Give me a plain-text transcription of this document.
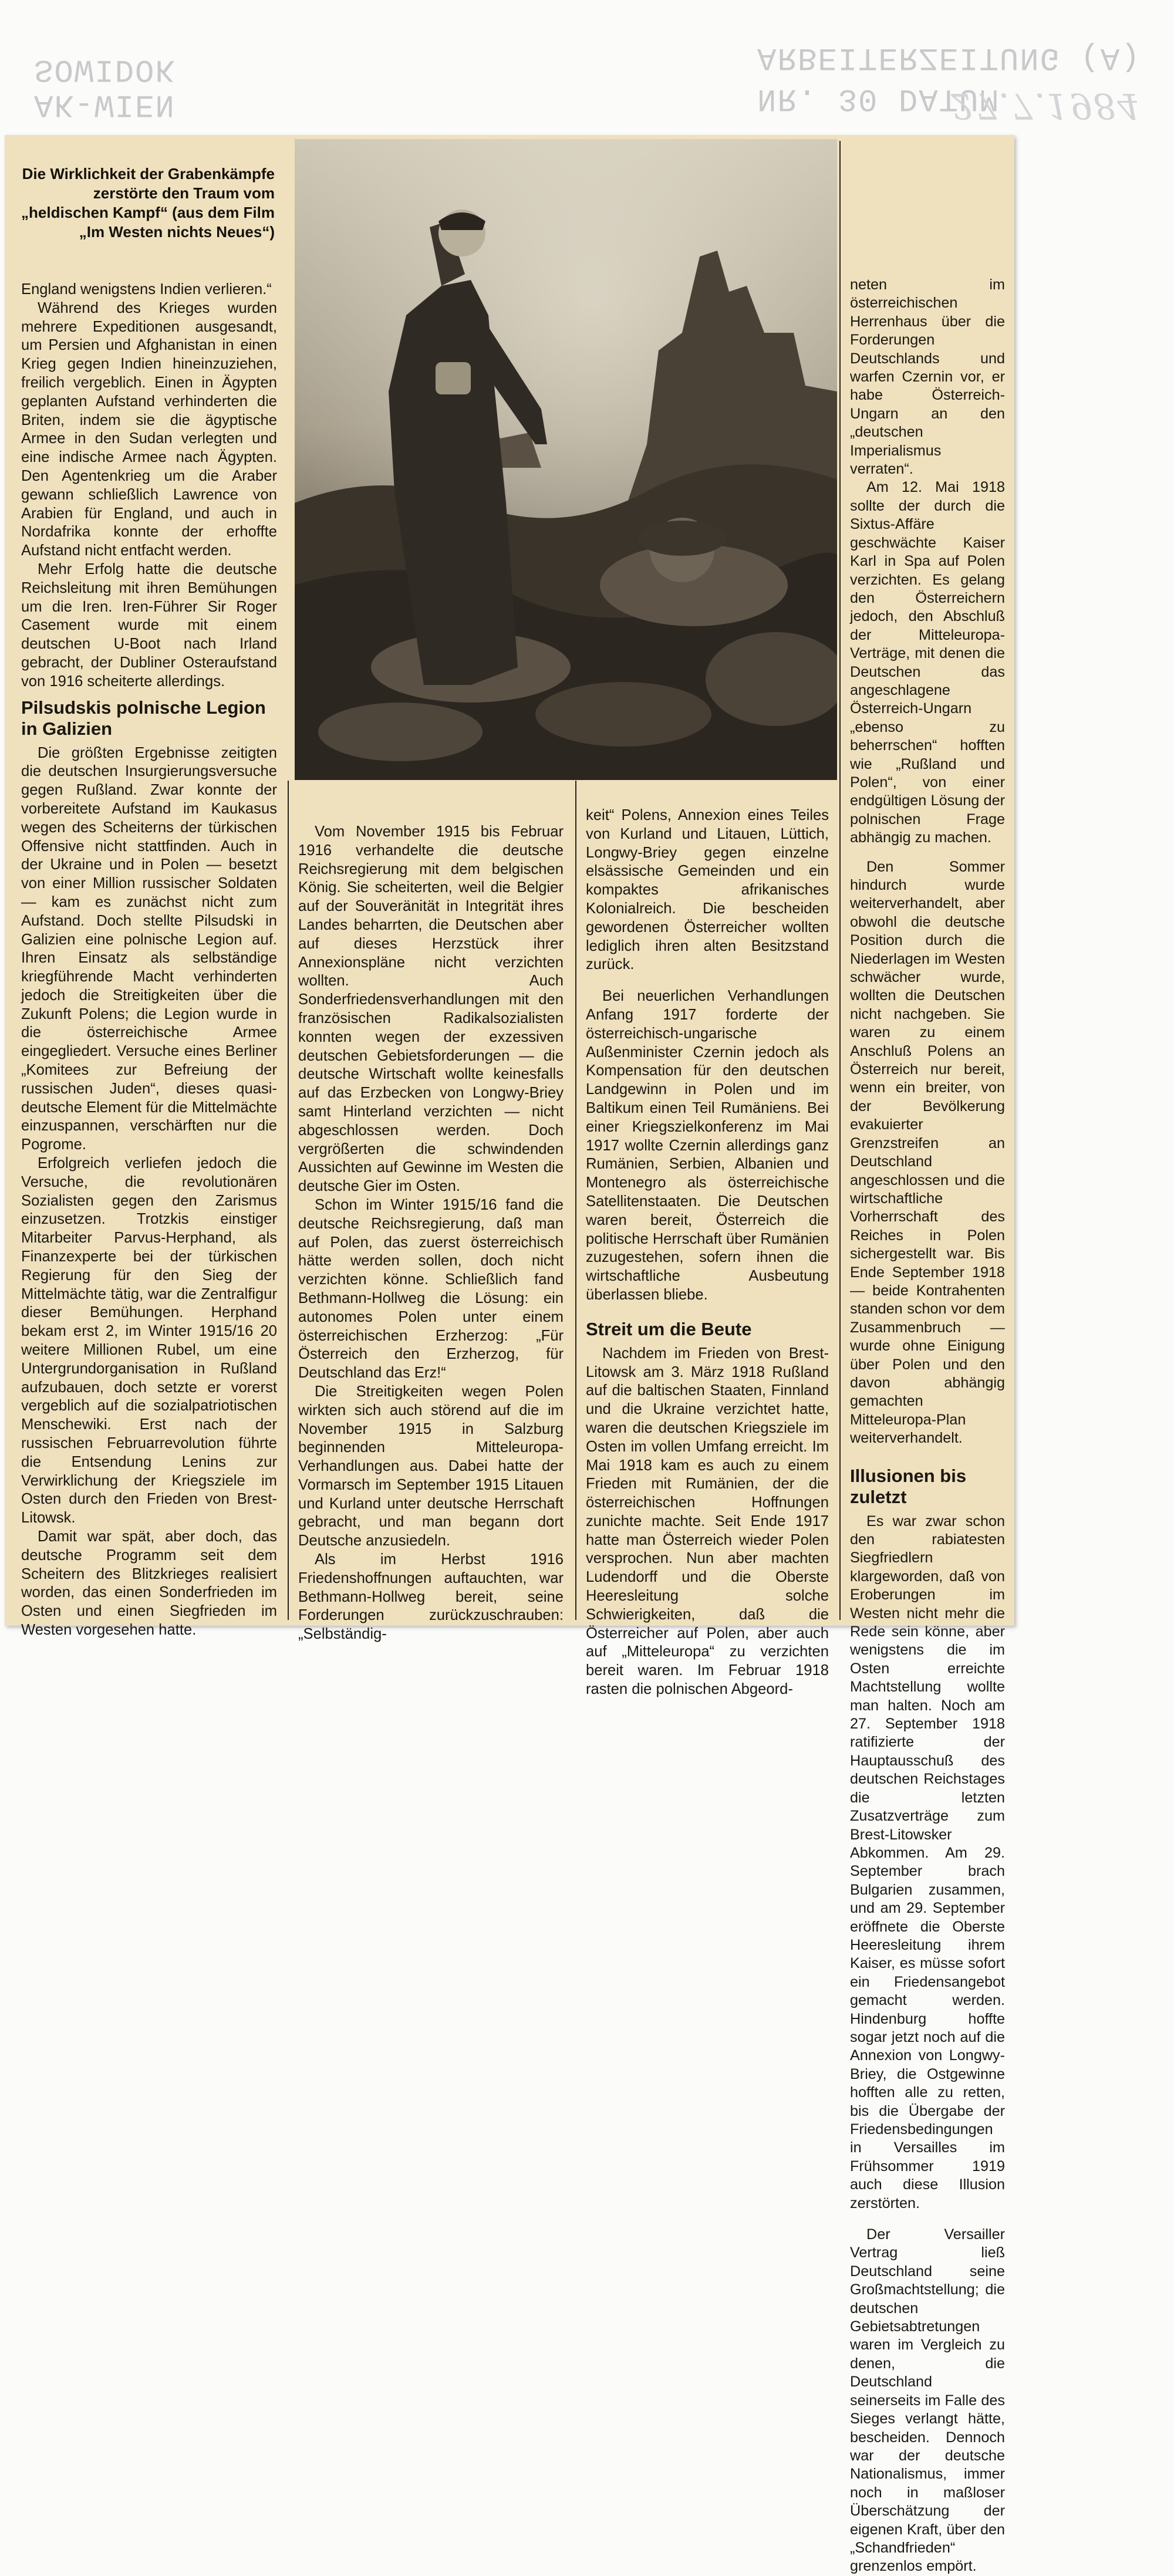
SOWIDOK
AK-WIEN
ARBEITERZEITUNG (A)
NR. 30 DATUM
27.7.1984
Die Wirklichkeit der Grabenkämpfe zerstörte den Traum vom „heldischen Kampf“ (aus dem Film „Im Westen nichts Neues“)

England wenigstens Indien verlieren.“

Während des Krieges wurden mehrere Expeditionen ausgesandt, um Persien und Afghanistan in einen Krieg gegen Indien hineinzuziehen, freilich vergeblich. Einen in Ägypten geplanten Aufstand verhinderten die Briten, indem sie die ägyptische Armee in den Sudan verlegten und eine indische Armee nach Ägypten. Den Agentenkrieg um die Araber gewann schließlich Lawrence von Arabien für England, und auch in Nordafrika konnte der erhoffte Aufstand nicht entfacht werden.

Mehr Erfolg hatte die deutsche Reichsleitung mit ihren Bemühungen um die Iren. Iren-Führer Sir Roger Casement wurde mit einem deutschen U-Boot nach Irland gebracht, der Dubliner Osteraufstand von 1916 scheiterte allerdings.

Pilsudskis polnische Legion in Galizien

Die größten Ergebnisse zeitigten die deutschen Insurgierungsversuche gegen Rußland. Zwar konnte der vorbereitete Aufstand im Kaukasus wegen des Scheiterns der türkischen Offensive nicht stattfinden. Auch in der Ukraine und in Polen — besetzt von einer Million russischer Soldaten — kam es zunächst nicht zum Aufstand. Doch stellte Pilsudski in Galizien eine polnische Legion auf. Ihren Einsatz als selbständige kriegführende Macht verhinderten jedoch die Streitigkeiten über die Zukunft Polens; die Legion wurde in die österreichische Armee eingegliedert. Versuche eines Berliner „Komitees zur Befreiung der russischen Juden“, dieses quasi-deutsche Element für die Mittelmächte einzuspannen, verschärften nur die Pogrome.

Erfolgreich verliefen jedoch die Versuche, die revolutionären Sozialisten gegen den Zarismus einzusetzen. Trotzkis einstiger Mitarbeiter Parvus-Herphand, als Finanzexperte bei der türkischen Regierung für den Sieg der Mittelmächte tätig, war die Zentralfigur dieser Bemühungen. Herphand bekam erst 2, im Winter 1915/16 20 weitere Millionen Rubel, um eine Untergrundorganisation in Rußland aufzubauen, doch setzte er vorerst vergeblich auf die sozialpatriotischen Menschewiki. Erst nach der russischen Februarrevolution führte die Entsendung Lenins zur Verwirklichung der Kriegsziele im Osten durch den Frieden von Brest-Litowsk.

Damit war spät, aber doch, das deutsche Programm seit dem Scheitern des Blitzkrieges realisiert worden, das einen Sonderfrieden im Osten und einen Siegfrieden im Westen vorgesehen hatte.

Vom November 1915 bis Februar 1916 verhandelte die deutsche Reichsregierung mit dem belgischen König. Sie scheiterten, weil die Belgier auf der Souveränität in Integrität ihres Landes beharrten, die Deutschen aber auf dieses Herzstück ihrer Annexionspläne nicht verzichten wollten. Auch Sonderfriedensverhandlungen mit den französischen Radikalsozialisten konnten wegen der exzessiven deutschen Gebietsforderungen — die deutsche Wirtschaft wollte keinesfalls auf das Erzbecken von Longwy-Briey samt Hinterland verzichten — nicht abgeschlossen werden. Doch vergrößerten die schwindenden Aussichten auf Gewinne im Westen die deutsche Gier im Osten.

Schon im Winter 1915/16 fand die deutsche Reichsregierung, daß man auf Polen, das zuerst österreichisch hätte werden sollen, doch nicht verzichten könne. Schließlich fand Bethmann-Hollweg die Lösung: ein autonomes Polen unter einem österreichischen Erzherzog: „Für Österreich den Erzherzog, für Deutschland das Erz!“

Die Streitigkeiten wegen Polen wirkten sich auch störend auf die im November 1915 in Salzburg beginnenden Mitteleuropa-Verhandlungen aus. Dabei hatte der Vormarsch im September 1915 Litauen und Kurland unter deutsche Herrschaft gebracht, und man begann dort Deutsche anzusiedeln.

Als im Herbst 1916 Friedenshoffnungen auftauchten, war Bethmann-Hollweg bereit, seine Forderungen zurückzuschrauben: „Selbständig-

keit“ Polens, Annexion eines Teiles von Kurland und Litauen, Lüttich, Longwy-Briey gegen einzelne elsässische Gemeinden und ein kompaktes afrikanisches Kolonialreich. Die bescheiden gewordenen Österreicher wollten lediglich ihren alten Besitzstand zurück.

Bei neuerlichen Verhandlungen Anfang 1917 forderte der österreichisch-ungarische Außenminister Czernin jedoch als Kompensation für den deutschen Landgewinn in Polen und im Baltikum einen Teil Rumäniens. Bei einer Kriegszielkonferenz im Mai 1917 wollte Czernin allerdings ganz Rumänien, Serbien, Albanien und Montenegro als österreichische Satellitenstaaten. Die Deutschen waren bereit, Österreich die politische Herrschaft über Rumänien zuzugestehen, sofern ihnen die wirtschaftliche Ausbeutung überlassen bliebe.

Streit um die Beute

Nachdem im Frieden von Brest-Litowsk am 3. März 1918 Rußland auf die baltischen Staaten, Finnland und die Ukraine verzichtet hatte, waren die deutschen Kriegsziele im Osten im vollen Umfang erreicht. Im Mai 1918 kam es auch zu einem Frieden mit Rumänien, der die österreichischen Hoffnungen zunichte machte. Seit Ende 1917 hatte man Österreich wieder Polen versprochen. Nun aber machten Ludendorff und die Oberste Heeresleitung solche Schwierigkeiten, daß die Österreicher auf Polen, aber auch auf „Mitteleuropa“ zu verzichten bereit waren. Im Februar 1918 rasten die polnischen Abgeord-

neten im österreichischen Herrenhaus über die Forderungen Deutschlands und warfen Czernin vor, er habe Österreich-Ungarn an den „deutschen Imperialismus verraten“.

Am 12. Mai 1918 sollte der durch die Sixtus-Affäre geschwächte Kaiser Karl in Spa auf Polen verzichten. Es gelang den Österreichern jedoch, den Abschluß der Mitteleuropa-Verträge, mit denen die Deutschen das angeschlagene Österreich-Ungarn „ebenso zu beherrschen“ hofften wie „Rußland und Polen“, von einer endgültigen Lösung der polnischen Frage abhängig zu machen.

Den Sommer hindurch wurde weiterverhandelt, aber obwohl die deutsche Position durch die Niederlagen im Westen schwächer wurde, wollten die Deutschen nicht nachgeben. Sie waren zu einem Anschluß Polens an Österreich nur bereit, wenn ein breiter, von der Bevölkerung evakuierter Grenzstreifen an Deutschland angeschlossen und die wirtschaftliche Vorherrschaft des Reiches in Polen sichergestellt war. Bis Ende September 1918 — beide Kontrahenten standen schon vor dem Zusammenbruch — wurde ohne Einigung über Polen und den davon abhängig gemachten Mitteleuropa-Plan weiterverhandelt.

Illusionen bis zuletzt

Es war zwar schon den rabiatesten Siegfriedlern klargeworden, daß von Eroberungen im Westen nicht mehr die Rede sein könne, aber wenigstens die im Osten erreichte Machtstellung wollte man halten. Noch am 27. September 1918 ratifizierte der Hauptausschuß des deutschen Reichstages die letzten Zusatzverträge zum Brest-Litowsker Abkommen. Am 29. September brach Bulgarien zusammen, und am 29. September eröffnete die Oberste Heeresleitung ihrem Kaiser, es müsse sofort ein Friedensangebot gemacht werden. Hindenburg hoffte sogar jetzt noch auf die Annexion von Longwy-Briey, die Ostgewinne hofften alle zu retten, bis die Übergabe der Friedensbedingungen in Versailles im Frühsommer 1919 auch diese Illusion zerstörten.

Der Versailler Vertrag ließ Deutschland seine Großmachtstellung; die deutschen Gebietsabtretungen waren im Vergleich zu denen, die Deutschland seinerseits im Falle des Sieges verlangt hätte, bescheiden. Dennoch war der deutsche Nationalismus, immer noch in maßloser Überschätzung der eigenen Kraft, über den „Schandfrieden“ grenzenlos empört.
